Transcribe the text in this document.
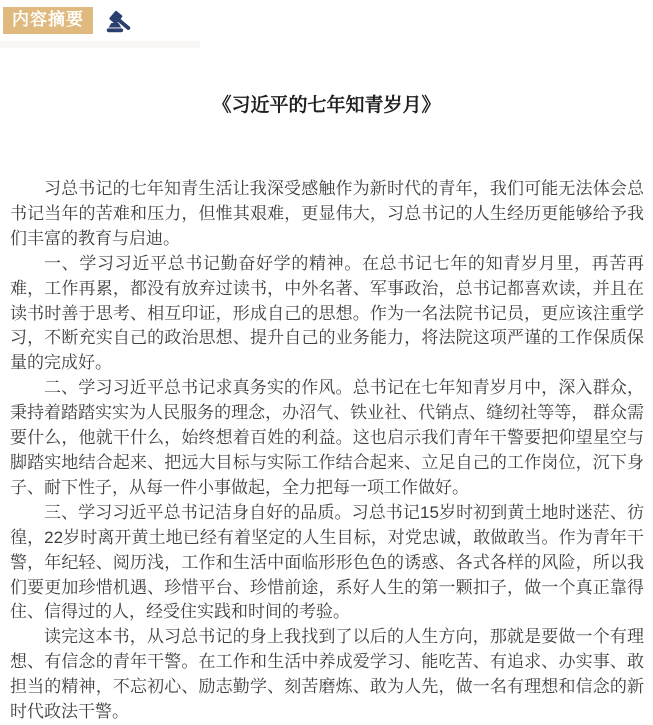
内容摘要
《习近平的七年知青岁月》

习总书记的七年知青生活让我深受感触作为新时代的青年，我们可能无法体会总书记当年的苦难和压力，但惟其艰难，更显伟大，习总书记的人生经历更能够给予我们丰富的教育与启迪。

一、学习习近平总书记勤奋好学的精神。在总书记七年的知青岁月里，再苦再难，工作再累，都没有放弃过读书，中外名著、军事政治，总书记都喜欢读，并且在读书时善于思考、相互印证，形成自己的思想。作为一名法院书记员，更应该注重学习，不断充实自己的政治思想、提升自己的业务能力，将法院这项严谨的工作保质保量的完成好。

二、学习习近平总书记求真务实的作风。总书记在七年知青岁月中，深入群众，秉持着踏踏实实为人民服务的理念，办沼气、铁业社、代销点、缝纫社等等， 群众需要什么，他就干什么，始终想着百姓的利益。这也启示我们青年干警要把仰望星空与脚踏实地结合起来、把远大目标与实际工作结合起来、立足自己的工作岗位，沉下身子、耐下性子，从每一件小事做起，全力把每一项工作做好。

三、学习习近平总书记洁身自好的品质。习总书记15岁时初到黄土地时迷茫、彷徨，22岁时离开黄土地已经有着坚定的人生目标，对党忠诚，敢做敢当。作为青年干警，年纪轻、阅历浅，工作和生活中面临形形色色的诱惑、各式各样的风险，所以我们要更加珍惜机遇、珍惜平台、珍惜前途，系好人生的第一颗扣子，做一个真正靠得住、信得过的人，经受住实践和时间的考验。

读完这本书，从习总书记的身上我找到了以后的人生方向，那就是要做一个有理想、有信念的青年干警。在工作和生活中养成爱学习、能吃苦、有追求、办实事、敢担当的精神，不忘初心、励志勤学、刻苦磨炼、敢为人先，做一名有理想和信念的新时代政法干警。
